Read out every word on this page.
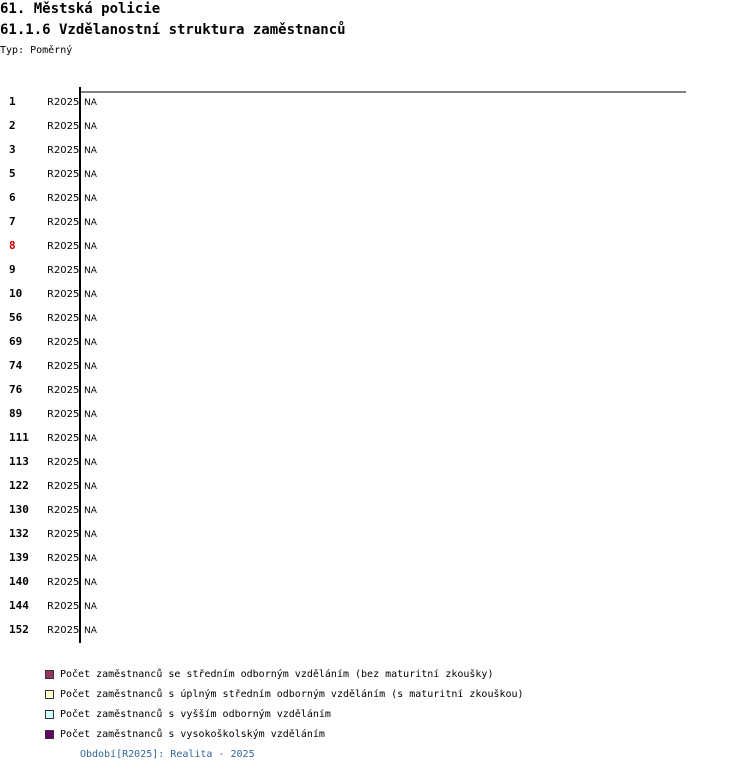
61. Městská policie
61.1.6 Vzdělanostní struktura zaměstnanců
Typ: Poměrný
1	R2025 NA
2	R2025 NA
3	R2025 NA
5	R2025 NA
6	R2025 NA
7	R2025 NA
8	R2025 NA
9	R2025 NA
10 R2025 NA
56 R2025 NA
69 R2025 NA
74 R2025 NA
76 R2025 NA
89 R2025 NA
111 R2025 NA
113 R2025 NA
122 R2025 NA
130 R2025 NA
132 R2025 NA
139 R2025 NA
140 R2025 NA
144 R2025 NA
152 R2025 NA
Počet zaměstnanců se středním odborným vzděláním (bez maturitní zkoušky)
Počet zaměstnanců s úplným středním odborným vzděláním (s maturitní zkouškou)
Počet zaměstnanců s vyšším odborným vzděláním
Počet zaměstnanců s vysokoškolským vzděláním
Období[R2025]: Realita - 2025
